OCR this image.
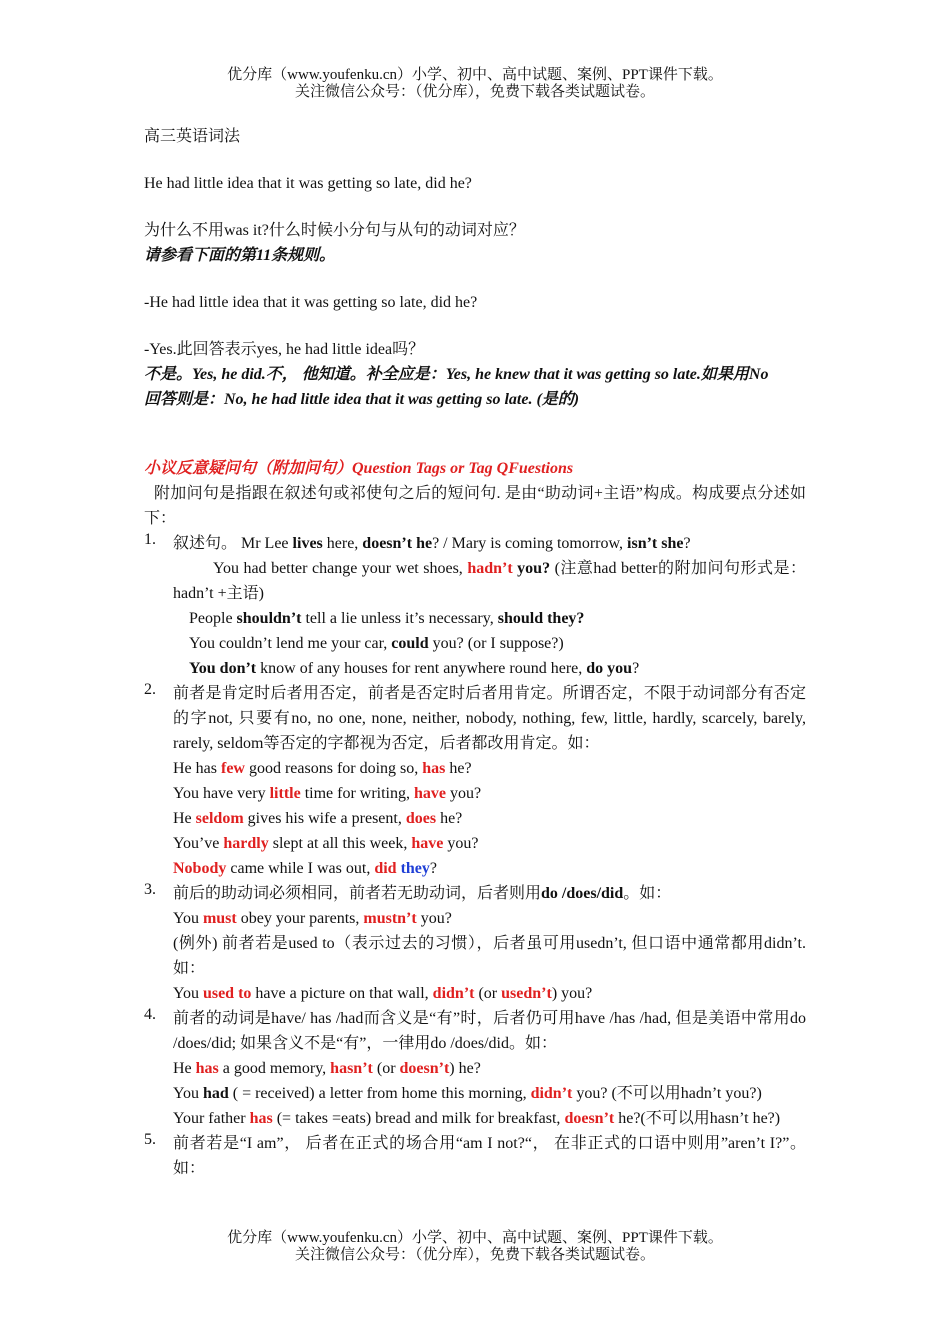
优分库（www.youfenku.cn）小学、初中、高中试题、案例、PPT课件下载。
关注微信公众号：（优分库），免费下载各类试题试卷。

高三英语词法

He had little idea that it was getting so late, did he?

为什么不用was it?什么时候小分句与从句的动词对应？

请参看下面的第11条规则。

-He had little idea that it was getting so late, did he?

-Yes.此回答表示yes, he had little idea吗？

不是。Yes, he did.不， 他知道。补全应是：Yes, he knew that it was getting so late.如果用No

回答则是：No, he had little idea that it was getting so late. (是的)

小议反意疑问句（附加问句）Question Tags or Tag QFuestions

附加问句是指跟在叙述句或祁使句之后的短问句. 是由“助动词+主语”构成。构成要点分述如下：

1. 叙述句。 Mr Lee lives here, doesn’t he? / Mary is coming tomorrow, isn’t she?

You had better change your wet shoes, hadn’t you? (注意had better的附加问句形式是：hadn’t +主语)

People shouldn’t tell a lie unless it’s necessary, should they?

You couldn’t lend me your car, could you? (or I suppose?)

You don’t know of any houses for rent anywhere round here, do you?

2. 前者是肯定时后者用否定，前者是否定时后者用肯定。所谓否定，不限于动词部分有否定的字not, 只要有no, no one, none, neither, nobody, nothing, few, little, hardly, scarcely, barely, rarely, seldom等否定的字都视为否定，后者都改用肯定。如：

He has few good reasons for doing so, has he?

You have very little time for writing, have you?

He seldom gives his wife a present, does he?

You’ve hardly slept at all this week, have you?

Nobody came while I was out, did they?

3. 前后的助动词必须相同，前者若无助动词，后者则用do /does/did。如：

You must obey your parents, mustn’t you?

(例外) 前者若是used to（表示过去的习惯），后者虽可用usedn’t, 但口语中通常都用didn’t.如：

You used to have a picture on that wall, didn’t (or usedn’t) you?

4. 前者的动词是have/ has /had而含义是“有”时，后者仍可用have /has /had, 但是美语中常用do /does/did; 如果含义不是“有”，一律用do /does/did。如：

He has a good memory, hasn’t (or doesn’t) he?

You had ( = received) a letter from home this morning, didn’t you? (不可以用hadn’t you?)

Your father has (= takes =eats) bread and milk for breakfast, doesn’t he?(不可以用hasn’t he?)

5. 前者若是“I am”， 后者在正式的场合用“am I not?“， 在非正式的口语中则用”aren’t I?”。如：

优分库（www.youfenku.cn）小学、初中、高中试题、案例、PPT课件下载。
关注微信公众号：（优分库），免费下载各类试题试卷。
